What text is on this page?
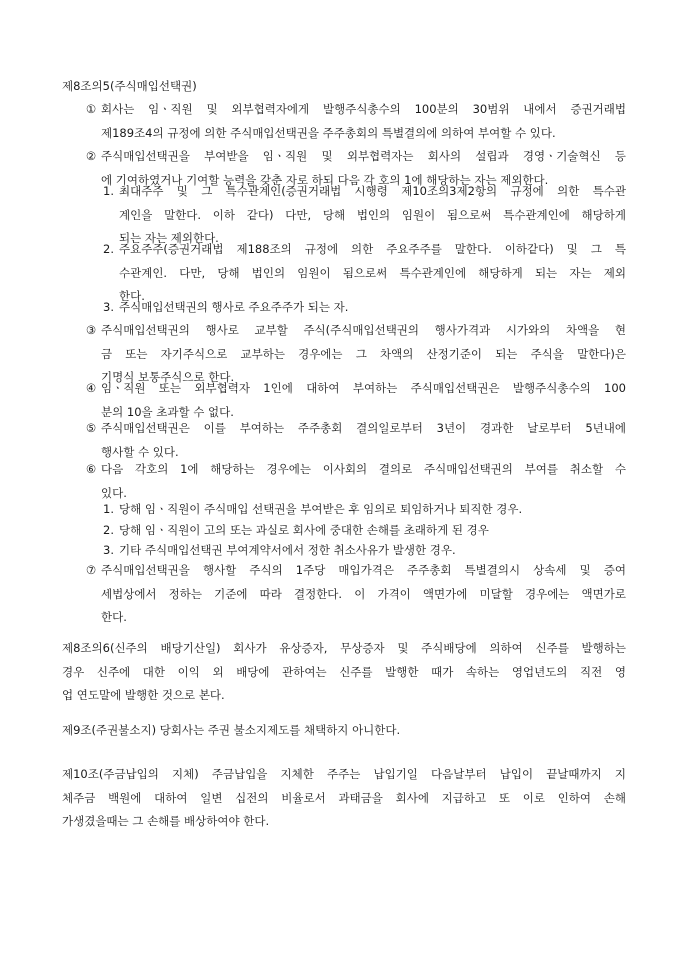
제8조의5(주식매입선택권)
① 회사는 임ㆍ직원 및 외부협력자에게 발행주식총수의 100분의 30범위 내에서 증권거래법
제189조4의 규정에 의한 주식매입선택권을 주주총회의 특별결의에 의하여 부여할 수 있다.
② 주식매입선택권을 부여받을 임ㆍ직원 및 외부협력자는 회사의 설립과 경영ㆍ기술혁신 등
에 기여하였거나 기여할 능력을 갖춘 자로 하되 다음 각 호의 1에 해당하는 자는 제외한다.
1. 최대주주 및 그 특수관계인(증권거래법 시행령 제10조의3제2항의 규정에 의한 특수관
계인을 말한다. 이하 같다) 다만, 당해 법인의 임원이 됨으로써 특수관계인에 해당하게
되는 자는 제외한다.
2. 주요주주(증권거래법 제188조의 규정에 의한 주요주주를 말한다. 이하같다) 및 그 특
수관계인. 다만, 당해 법인의 임원이 됨으로써 특수관계인에 해당하게 되는 자는 제외
한다.
3. 주식매입선택권의 행사로 주요주주가 되는 자.
③ 주식매입선택권의 행사로 교부할 주식(주식매입선택권의 행사가격과 시가와의 차액을 현
금 또는 자기주식으로 교부하는 경우에는 그 차액의 산정기준이 되는 주식을 말한다)은
기명식 보통주식으로 한다.
④ 임ㆍ직원 또는 외부협력자 1인에 대하여 부여하는 주식매입선택권은 발행주식총수의 100
분의 10을 초과할 수 없다.
⑤ 주식매입선택권은 이를 부여하는 주주총회 결의일로부터 3년이 경과한 날로부터 5년내에
행사할 수 있다.
⑥ 다음 각호의 1에 해당하는 경우에는 이사회의 결의로 주식매입선택권의 부여를 취소할 수
있다.
1. 당해 임ㆍ직원이 주식매입 선택권을 부여받은 후 임의로 퇴임하거나 퇴직한 경우.
2. 당해 임ㆍ직원이 고의 또는 과실로 회사에 중대한 손해를 초래하게 된 경우
3. 기타 주식매입선택권 부여계약서에서 정한 취소사유가 발생한 경우.
⑦ 주식매입선택권을 행사할 주식의 1주당 매입가격은 주주총회 특별결의시 상속세 및 증여
세법상에서 정하는 기준에 따라 결정한다. 이 가격이 액면가에 미달할 경우에는 액면가로
한다.
제8조의6(신주의 배당기산일) 회사가 유상증자, 무상증자 및 주식배당에 의하여 신주를 발행하는
경우 신주에 대한 이익 외 배당에 관하여는 신주를 발행한 때가 속하는 영업년도의 직전 영
업 연도말에 발행한 것으로 본다.
제9조(주권불소지) 당회사는 주권 불소지제도를 채택하지 아니한다.
제10조(주금납입의 지체) 주금납입을 지체한 주주는 납입기일 다음날부터 납입이 끝날때까지 지
체주금 백원에 대하여 일변 십전의 비율로서 과태금을 회사에 지급하고 또 이로 인하여 손해
가생겼을때는 그 손해를 배상하여야 한다.
